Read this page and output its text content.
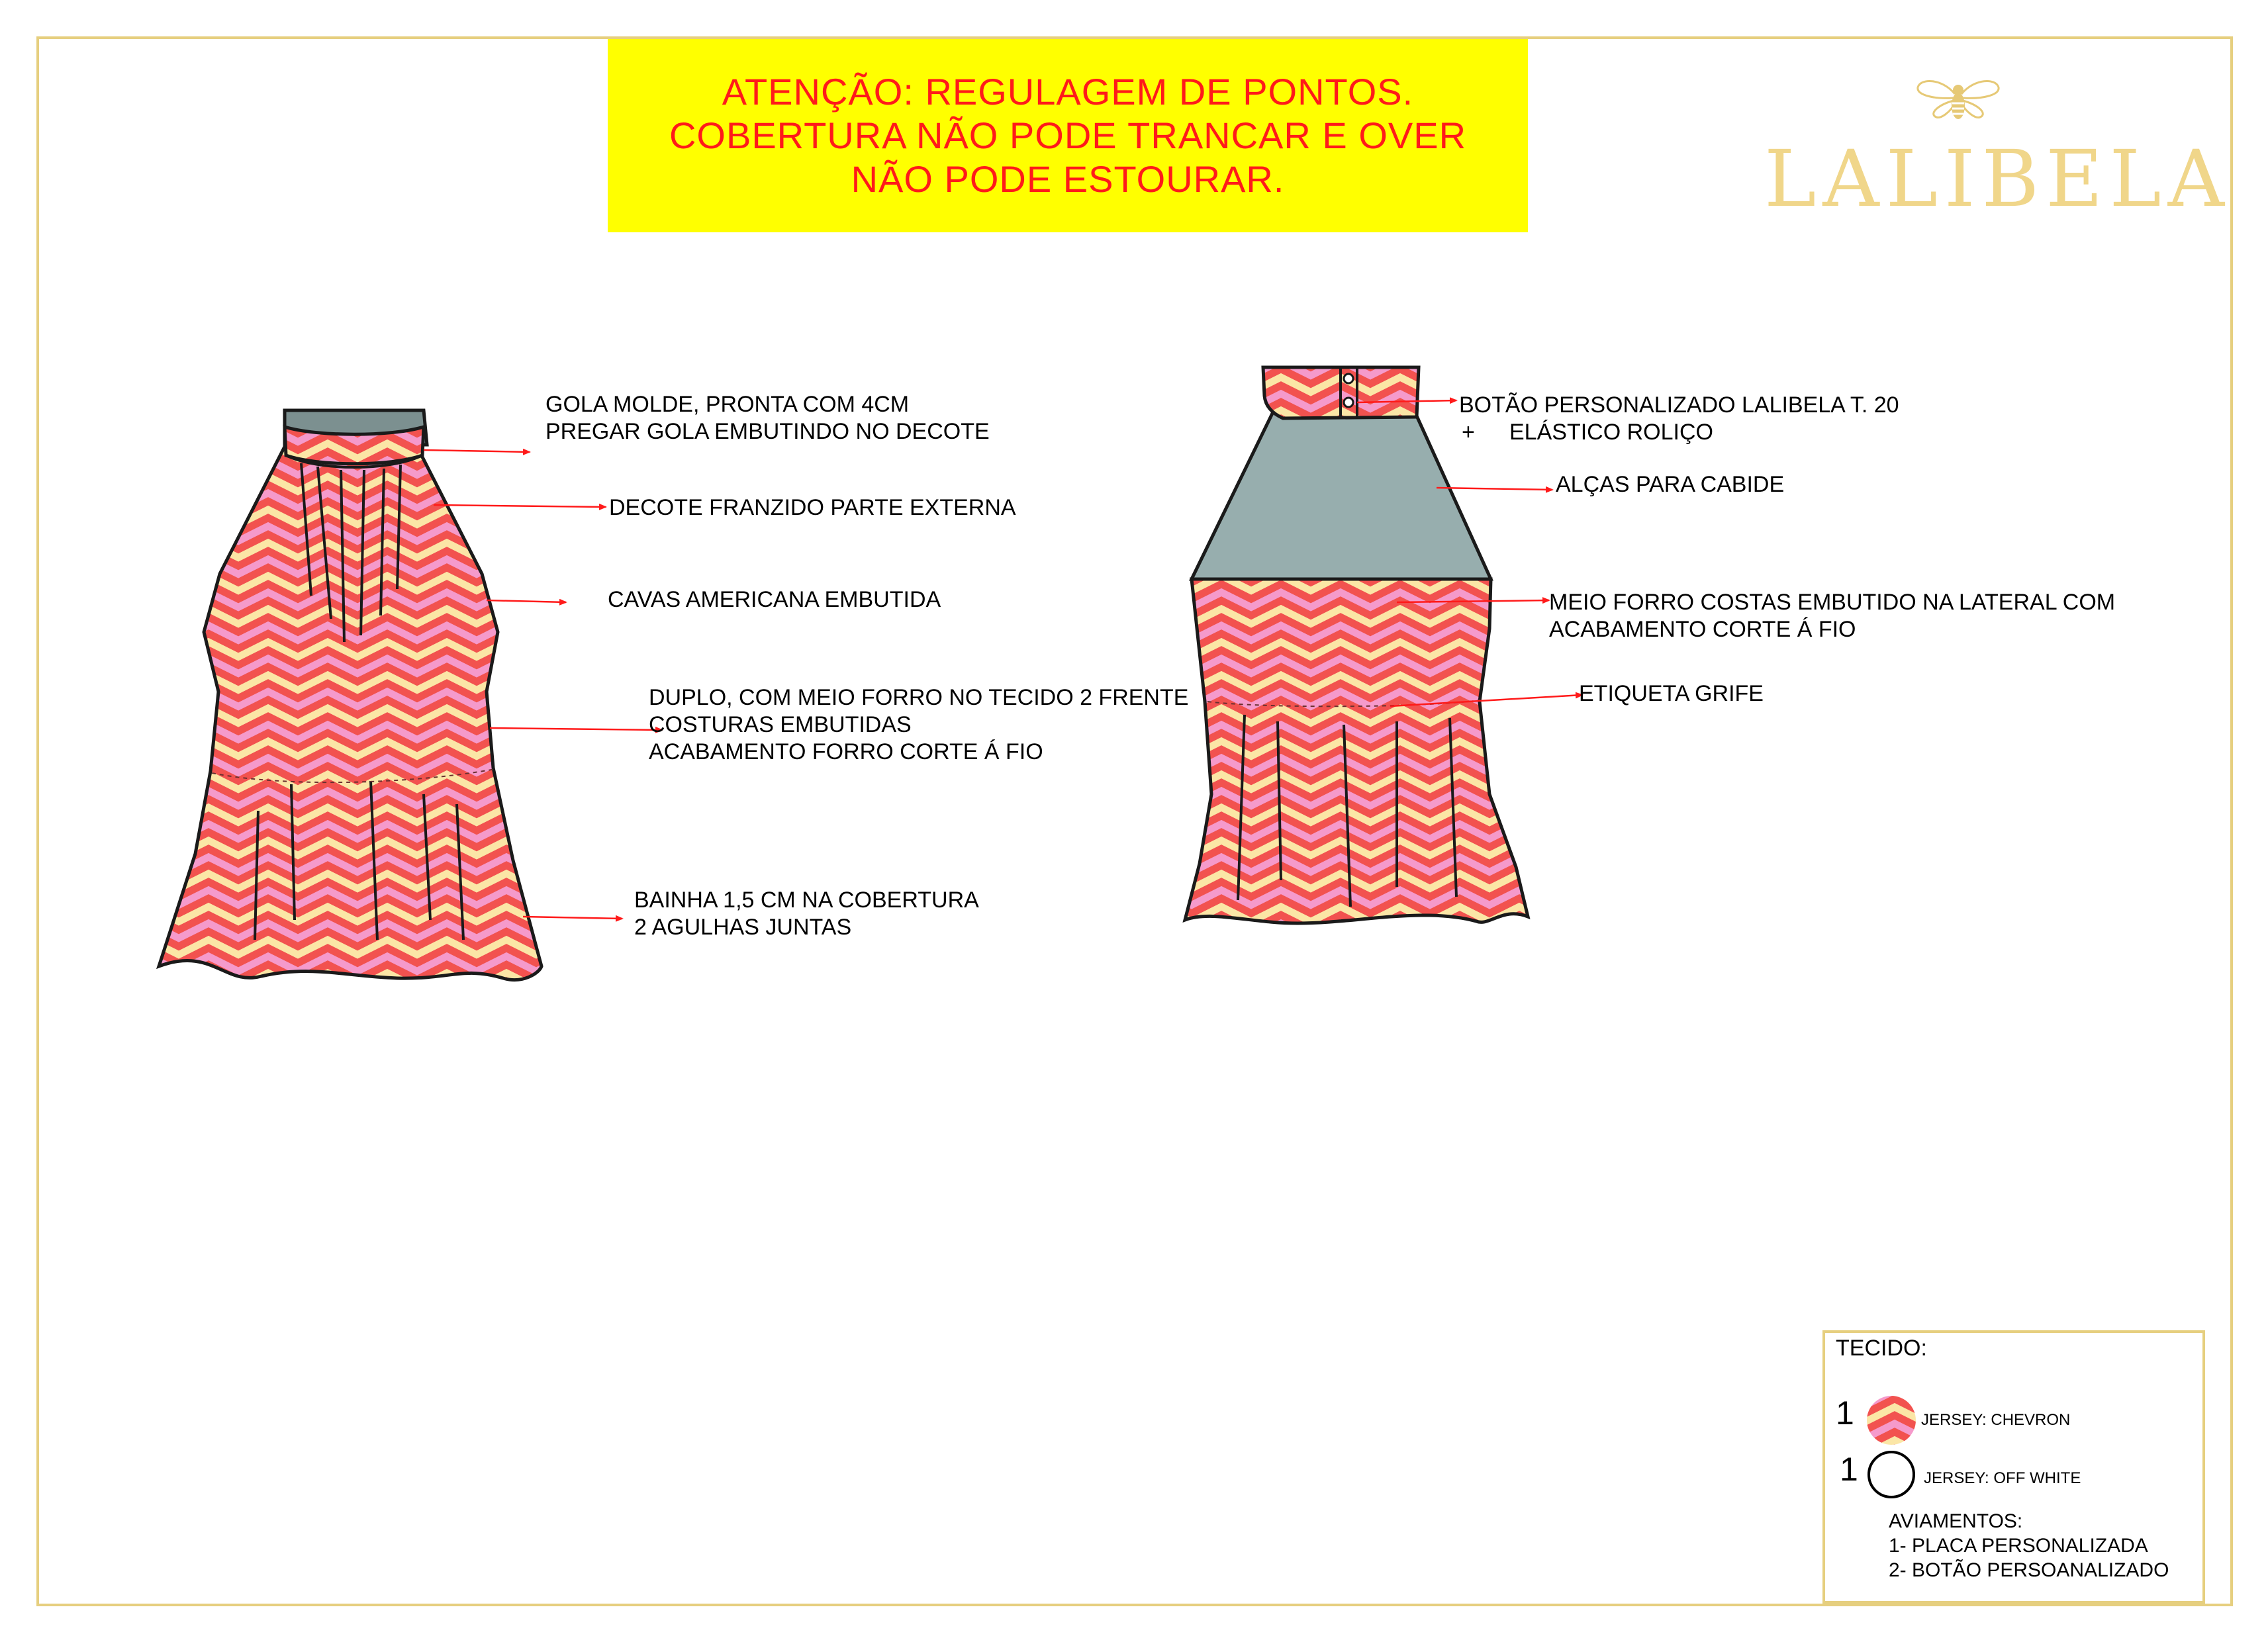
ATENÇÃO: REGULAGEM DE PONTOS.
COBERTURA NÃO PODE TRANCAR E OVER
NÃO PODE ESTOURAR.	LALIBELA
GOLA MOLDE, PRONTA COM 4CM
PREGAR GOLA EMBUTINDO NO DECOTE
DECOTE FRANZIDO PARTE EXTERNA
CAVAS AMERICANA EMBUTIDA
DUPLO, COM MEIO FORRO NO TECIDO 2 FRENTE
COSTURAS EMBUTIDAS
ACABAMENTO FORRO CORTE Á FIO
BAINHA 1,5 CM NA COBERTURA
2 AGULHAS JUNTAS
BOTÃO PERSONALIZADO LALIBELA T. 20
+ ELÁSTICO ROLIÇO
ALÇAS PARA CABIDE
MEIO FORRO COSTAS EMBUTIDO NA LATERAL COM
ACABAMENTO CORTE Á FIO
ETIQUETA GRIFE
TECIDO:
1	JERSEY: CHEVRON
1	JERSEY: OFF WHITE
AVIAMENTOS:
1- PLACA PERSONALIZADA
2- BOTÃO PERSOANALIZADO
